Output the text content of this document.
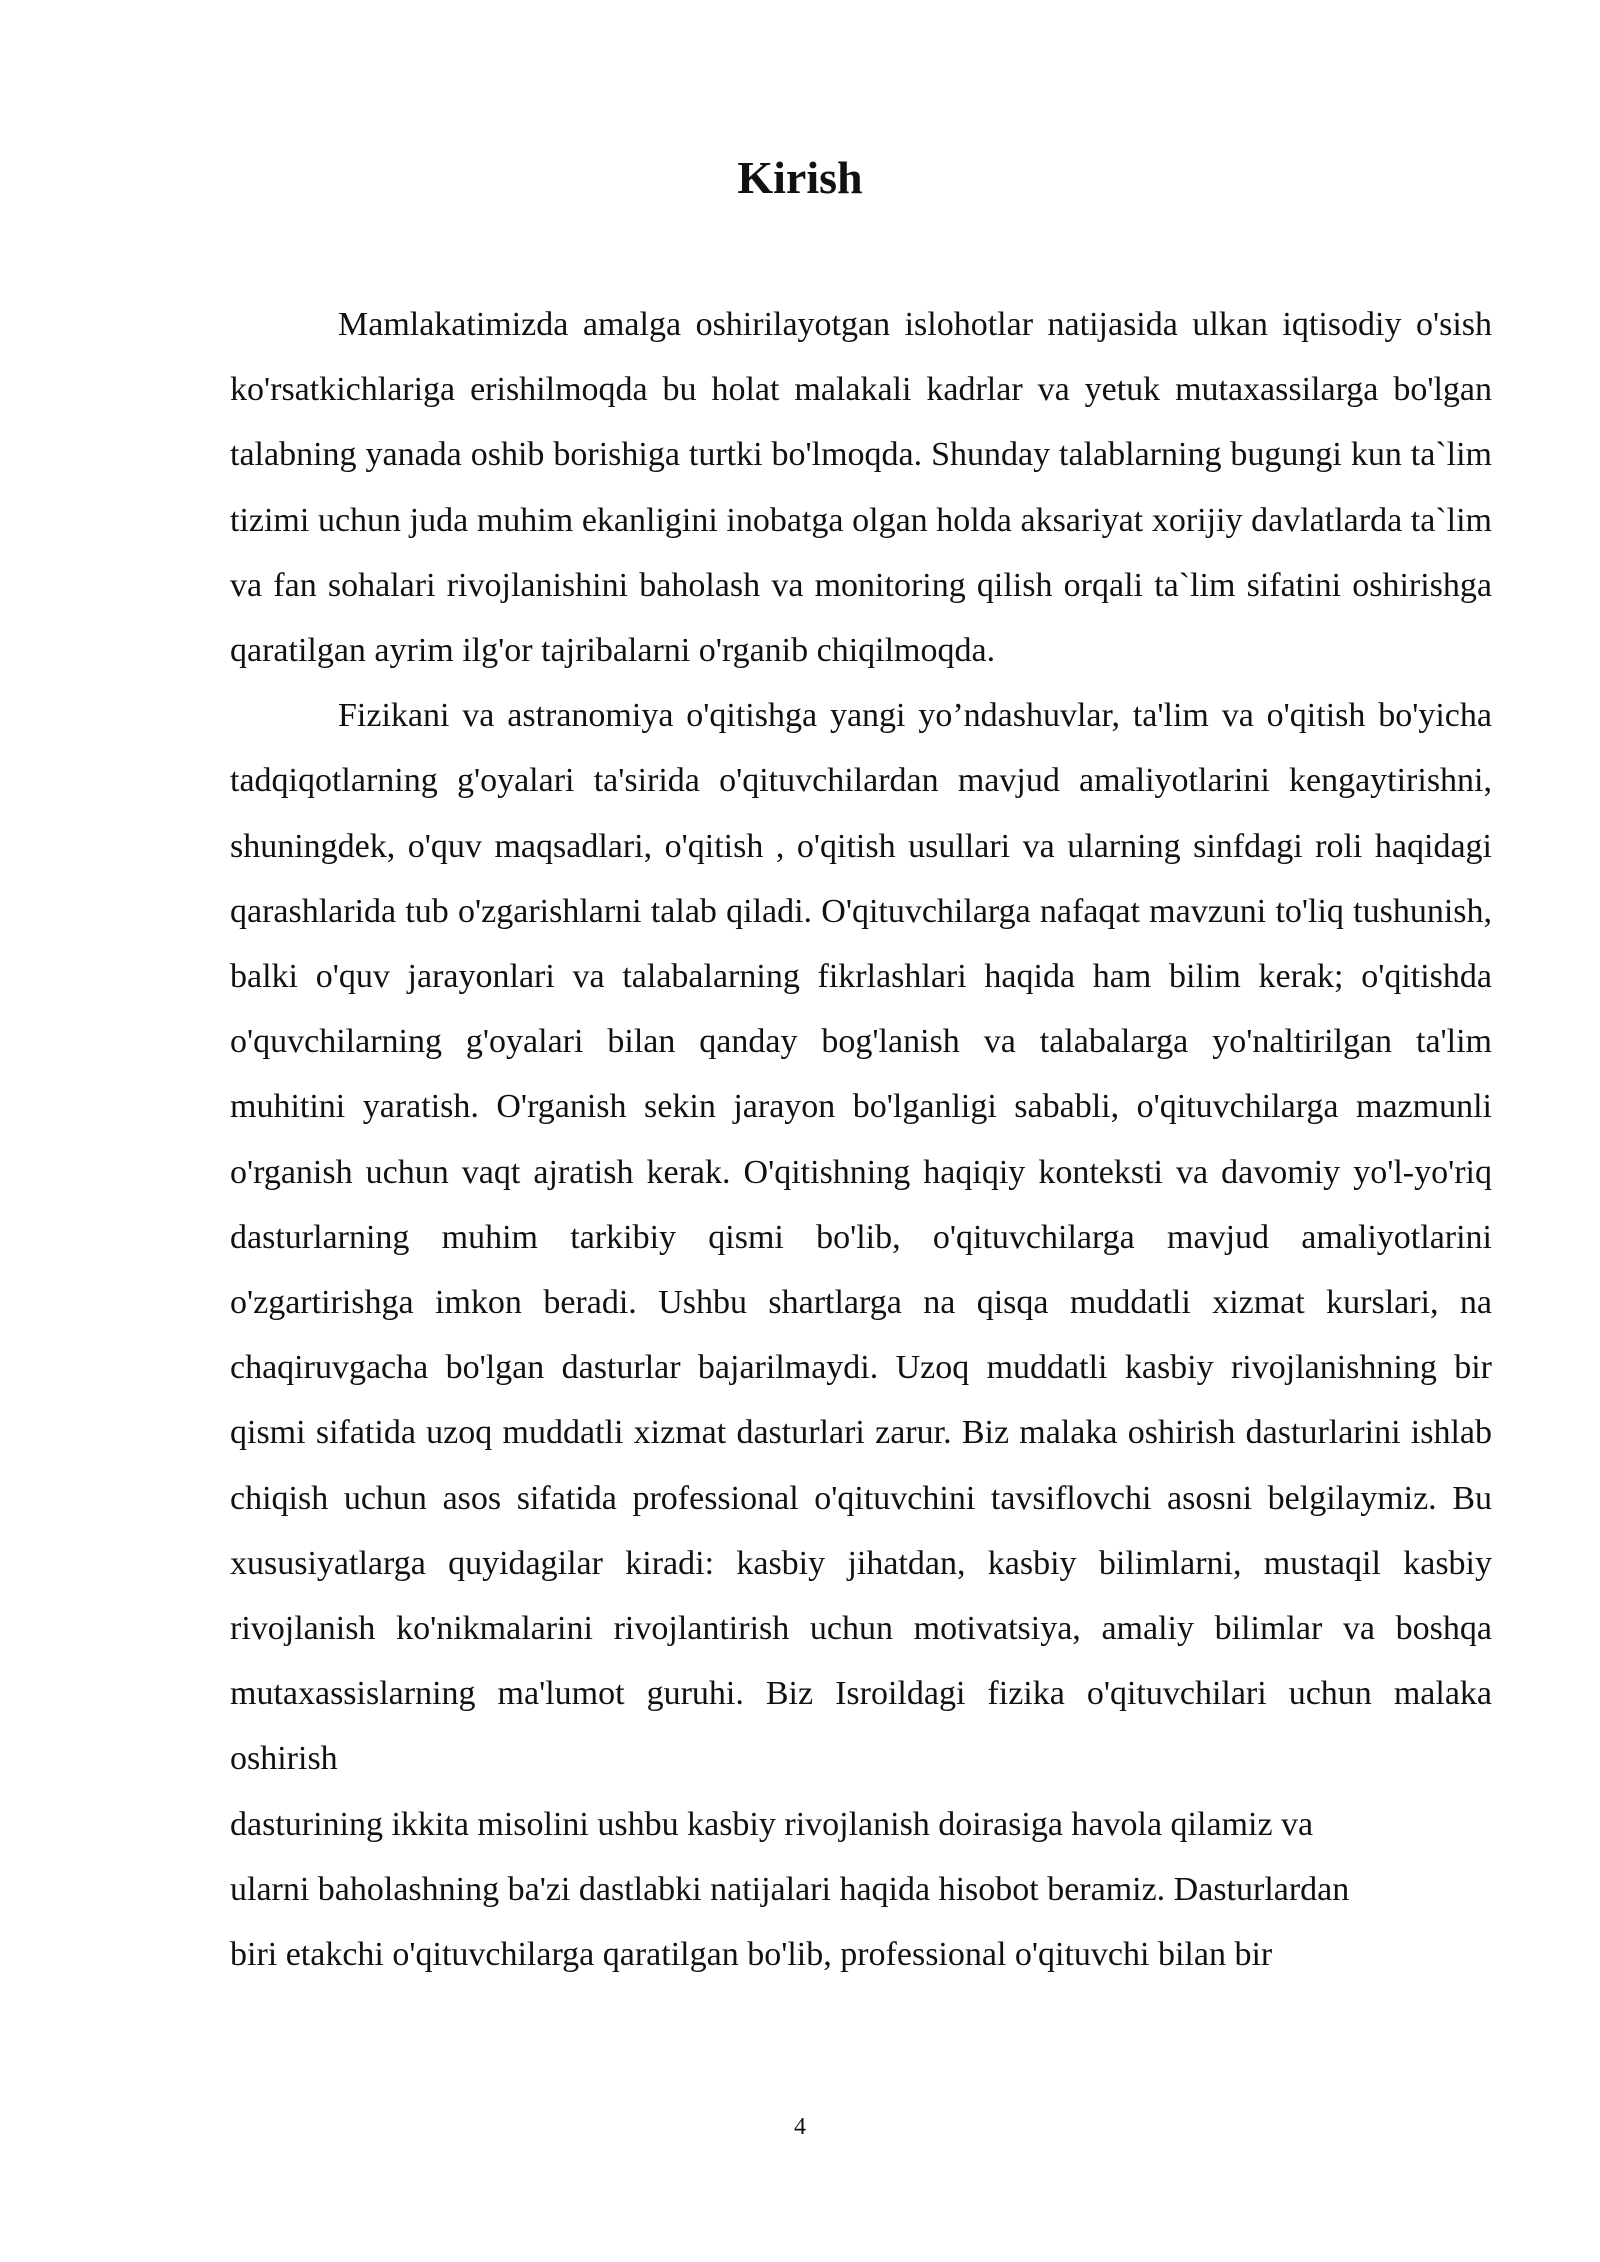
Kirish

Mamlakatimizda amalga oshirilayotgan islohotlar natijasida ulkan iqtisodiy o'sish ko'rsatkichlariga erishilmoqda bu holat malakali kadrlar va yetuk mutaxassilarga bo'lgan talabning yanada oshib borishiga turtki bo'lmoqda. Shunday talablarning bugungi kun ta`lim tizimi uchun juda muhim ekanligini inobatga olgan holda aksariyat xorijiy davlatlarda ta`lim va fan sohalari rivojlanishini baholash va monitoring qilish orqali ta`lim sifatini oshirishga qaratilgan ayrim ilg'or tajribalarni o'rganib chiqilmoqda.

Fizikani va astranomiya o'qitishga yangi yo’ndashuvlar, ta'lim va o'qitish bo'yicha tadqiqotlarning g'oyalari ta'sirida o'qituvchilardan mavjud amaliyotlarini kengaytirishni, shuningdek, o'quv maqsadlari, o'qitish , o'qitish usullari va ularning sinfdagi roli haqidagi qarashlarida tub o'zgarishlarni talab qiladi. O'qituvchilarga nafaqat mavzuni to'liq tushunish, balki o'quv jarayonlari va talabalarning fikrlashlari haqida ham bilim kerak; o'qitishda o'quvchilarning g'oyalari bilan qanday bog'lanish va talabalarga yo'naltirilgan ta'lim muhitini yaratish. O'rganish sekin jarayon bo'lganligi sababli, o'qituvchilarga mazmunli o'rganish uchun vaqt ajratish kerak. O'qitishning haqiqiy konteksti va davomiy yo'l-yo'riq dasturlarning muhim tarkibiy qismi bo'lib, o'qituvchilarga mavjud amaliyotlarini o'zgartirishga imkon beradi. Ushbu shartlarga na qisqa muddatli xizmat kurslari, na chaqiruvgacha bo'lgan dasturlar bajarilmaydi. Uzoq muddatli kasbiy rivojlanishning bir qismi sifatida uzoq muddatli xizmat dasturlari zarur. Biz malaka oshirish dasturlarini ishlab chiqish uchun asos sifatida professional o'qituvchini tavsiflovchi asosni belgilaymiz. Bu xususiyatlarga quyidagilar kiradi: kasbiy jihatdan, kasbiy bilimlarni, mustaqil kasbiy rivojlanish ko'nikmalarini rivojlantirish uchun motivatsiya, amaliy bilimlar va boshqa mutaxassislarning ma'lumot guruhi. Biz Isroildagi fizika o'qituvchilari uchun malaka oshirish

dasturining ikkita misolini ushbu kasbiy rivojlanish doirasiga havola qilamiz va
ularni baholashning ba'zi dastlabki natijalari haqida hisobot beramiz. Dasturlardan
biri etakchi o'qituvchilarga qaratilgan bo'lib, professional o'qituvchi bilan bir
4
